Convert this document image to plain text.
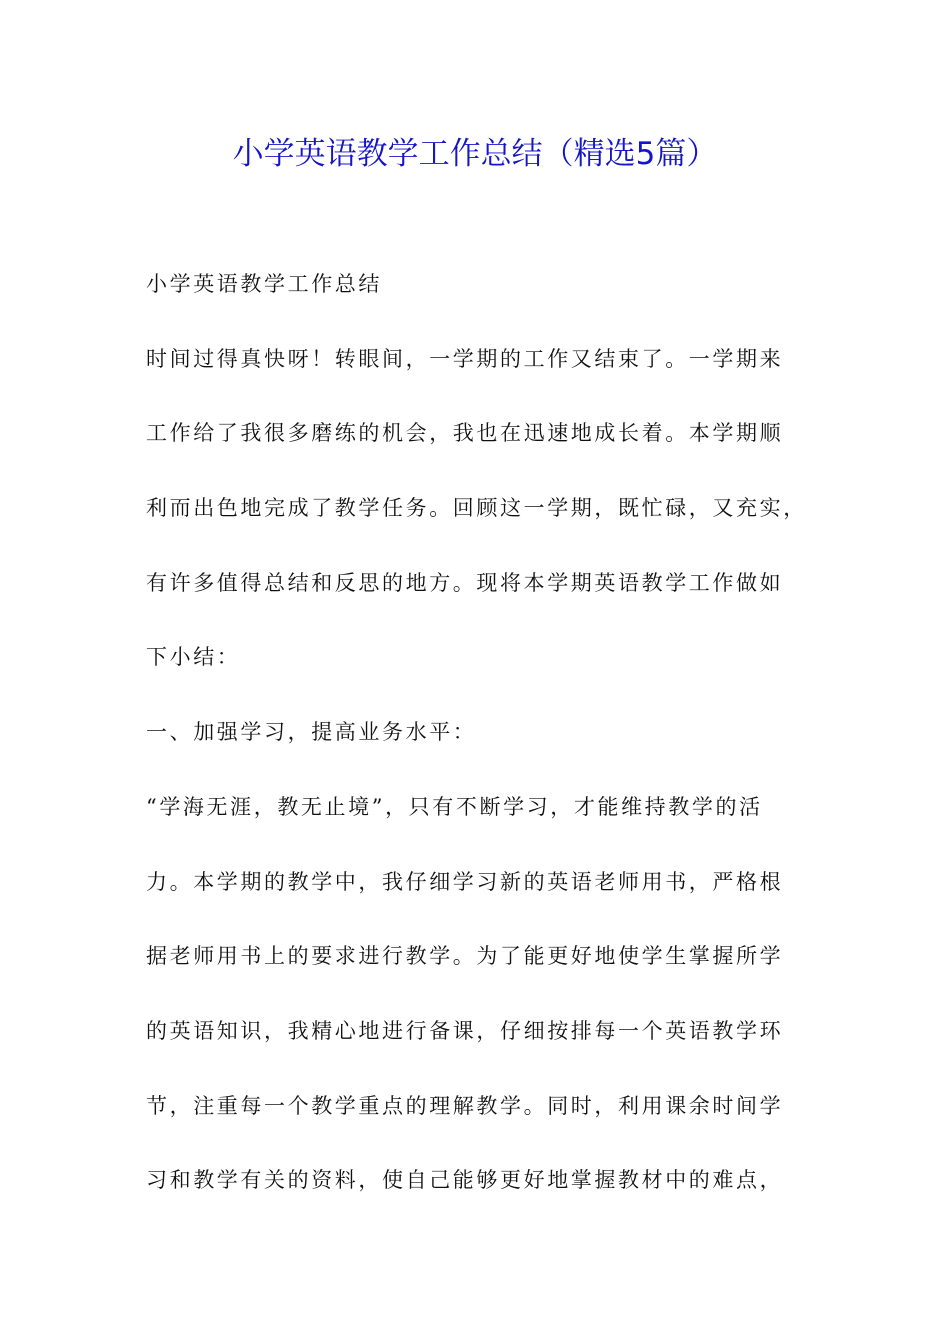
小学英语教学工作总结（精选5篇）

小学英语教学工作总结

时间过得真快呀！转眼间，一学期的工作又结束了。一学期来

工作给了我很多磨练的机会，我也在迅速地成长着。本学期顺

利而出色地完成了教学任务。回顾这一学期，既忙碌，又充实，

有许多值得总结和反思的地方。现将本学期英语教学工作做如

下小结：

一、加强学习，提高业务水平：

“学海无涯，教无止境”，只有不断学习，才能维持教学的活

力。本学期的教学中，我仔细学习新的英语老师用书，严格根

据老师用书上的要求进行教学。为了能更好地使学生掌握所学

的英语知识，我精心地进行备课，仔细按排每一个英语教学环

节，注重每一个教学重点的理解教学。同时，利用课余时间学

习和教学有关的资料，使自己能够更好地掌握教材中的难点，
